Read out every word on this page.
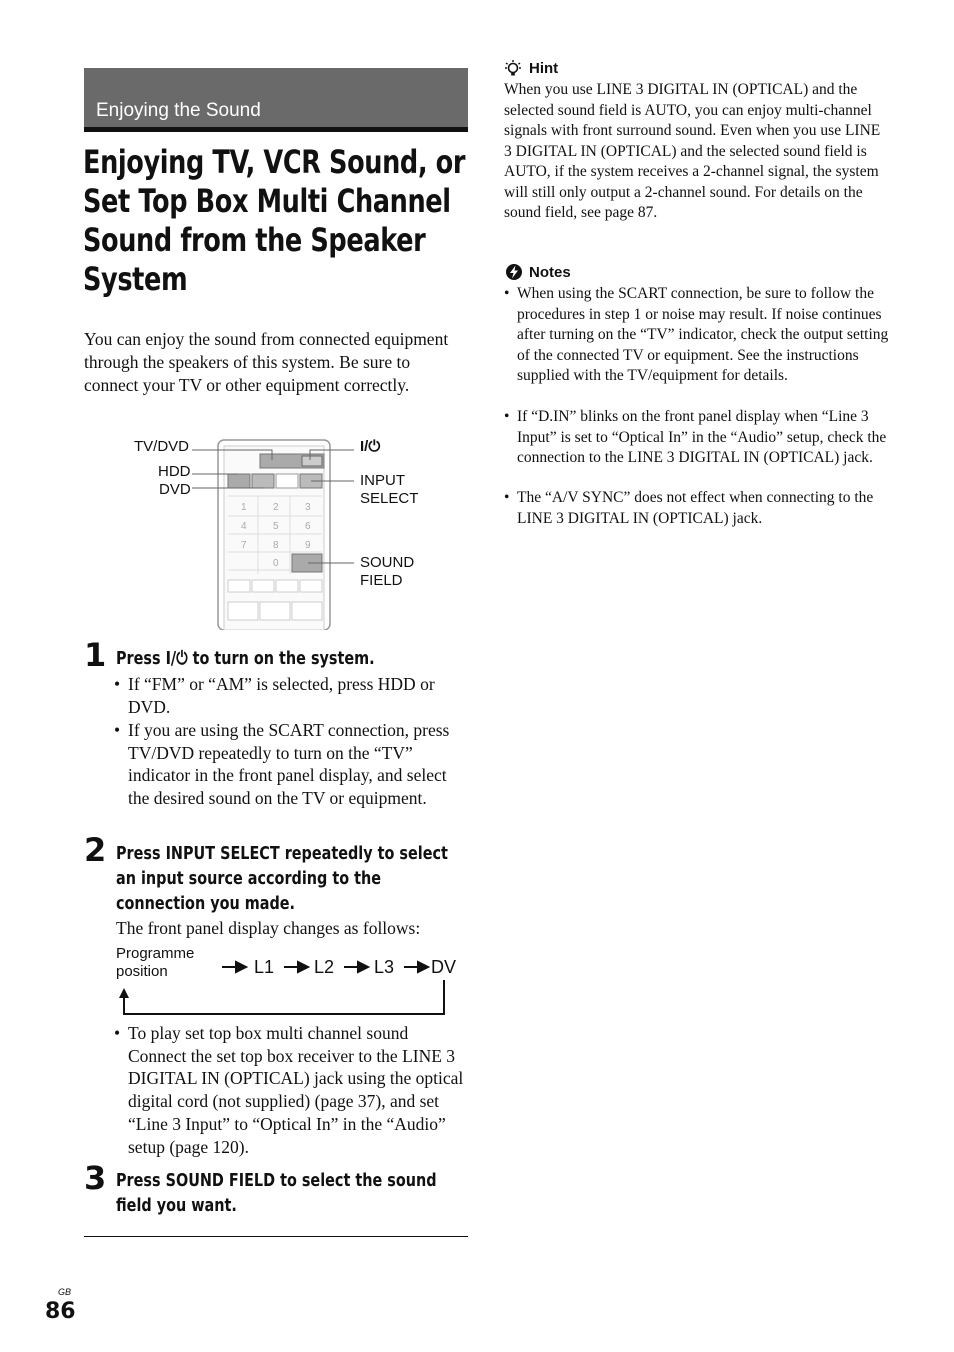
Enjoying the Sound
Enjoying TV, VCR Sound, or
Set Top Box Multi Channel
Sound from the Speaker
System
You can enjoy the sound from connected equipment through the speakers of this system. Be sure to connect your TV or other equipment correctly.
TV/DVD
HDD
DVD
I/⏻
INPUT
SELECT
SOUND
FIELD
1	2	3
4	5	6
7	8	9
0
1 Press I/⏻ to turn on the system.
• If “FM” or “AM” is selected, press HDD or DVD.
• If you are using the SCART connection, press TV/DVD repeatedly to turn on the “TV” indicator in the front panel display, and select the desired sound on the TV or equipment.
2 Press INPUT SELECT repeatedly to select
an input source according to the
connection you made.
The front panel display changes as follows:
Programme
position	L1 L2 L3 DV
• To play set top box multi channel sound Connect the set top box receiver to the LINE 3 DIGITAL IN (OPTICAL) jack using the optical digital cord (not supplied) (page 37), and set “Line 3 Input” to “Optical In” in the “Audio” setup (page 120).
3 Press SOUND FIELD to select the sound
field you want.
Hint
When you use LINE 3 DIGITAL IN (OPTICAL) and the selected sound field is AUTO, you can enjoy multi-channel signals with front surround sound. Even when you use LINE 3 DIGITAL IN (OPTICAL) and the selected sound field is AUTO, if the system receives a 2-channel signal, the system will still only output a 2-channel sound. For details on the sound field, see page 87.
Notes
• When using the SCART connection, be sure to follow the procedures in step 1 or noise may result. If noise continues after turning on the “TV” indicator, check the output setting of the connected TV or equipment. See the instructions supplied with the TV/equipment for details.
• If “D.IN” blinks on the front panel display when “Line 3 Input” is set to “Optical In” in the “Audio” setup, check the connection to the LINE 3 DIGITAL IN (OPTICAL) jack.
• The “A/V SYNC” does not effect when connecting to the LINE 3 DIGITAL IN (OPTICAL) jack.
GB
86
